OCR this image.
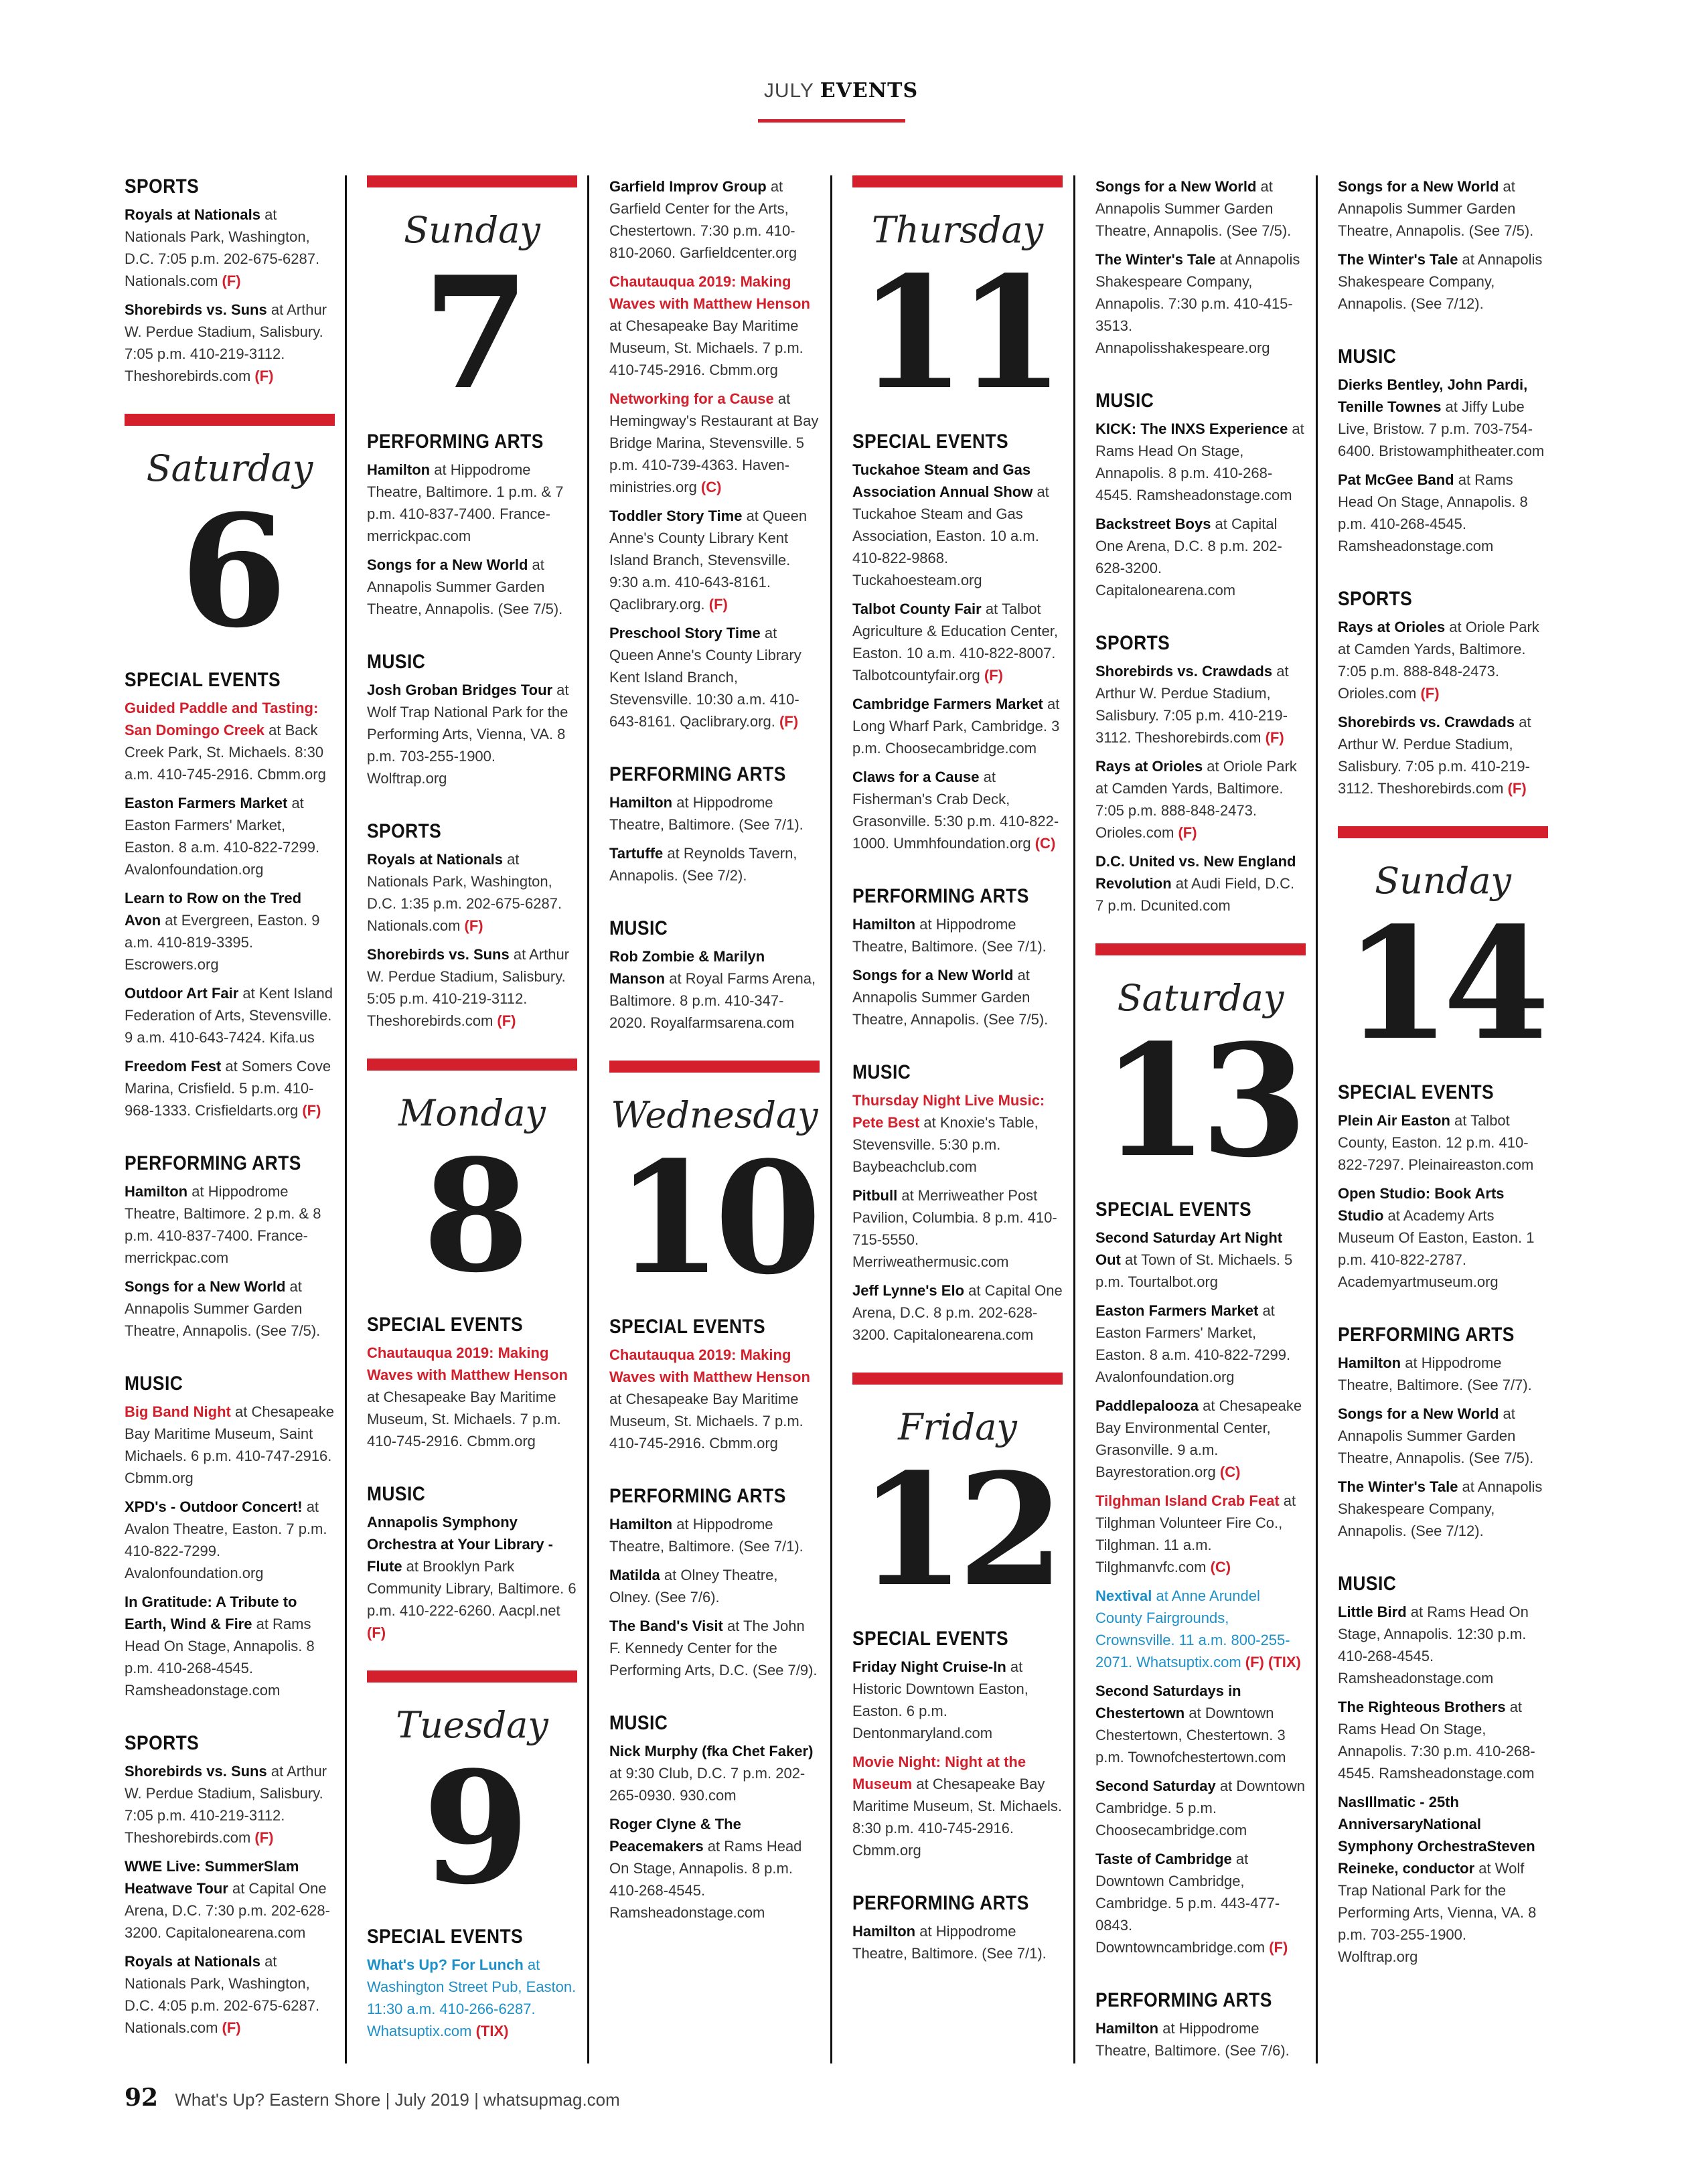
JULY EVENTS
SPORTS

Royals at Nationals at Nationals Park, Washington, D.C. 7:05 p.m. 202-675-6287. Nationals.com (F)

Shorebirds vs. Suns at Arthur W. Perdue Stadium, Salisbury. 7:05 p.m. 410-219-3112. Theshorebirds.com (F)

Saturday
6
SPECIAL EVENTS

Guided Paddle and Tasting: San Domingo Creek at Back Creek Park, St. Michaels. 8:30 a.m. 410-745-2916. Cbmm.org

Easton Farmers Market at Easton Farmers' Market, Easton. 8 a.m. 410-822-7299. Avalonfoundation.org

Learn to Row on the Tred Avon at Evergreen, Easton. 9 a.m. 410-819-3395. Escrowers.org

Outdoor Art Fair at Kent Island Federation of Arts, Stevensville. 9 a.m. 410-643-7424. Kifa.us

Freedom Fest at Somers Cove Marina, Crisfield. 5 p.m. 410-968-1333. Crisfieldarts.org (F)

PERFORMING ARTS

Hamilton at Hippodrome Theatre, Baltimore. 2 p.m. & 8 p.m. 410-837-7400. France-merrickpac.com

Songs for a New World at Annapolis Summer Garden Theatre, Annapolis. (See 7/5).

MUSIC

Big Band Night at Chesapeake Bay Maritime Museum, Saint Michaels. 6 p.m. 410-747-2916. Cbmm.org

XPD's - Outdoor Concert! at Avalon Theatre, Easton. 7 p.m. 410-822-7299. Avalonfoundation.org

In Gratitude: A Tribute to Earth, Wind & Fire at Rams Head On Stage, Annapolis. 8 p.m. 410-268-4545. Ramsheadonstage.com

SPORTS

Shorebirds vs. Suns at Arthur W. Perdue Stadium, Salisbury. 7:05 p.m. 410-219-3112. Theshorebirds.com (F)

WWE Live: SummerSlam Heatwave Tour at Capital One Arena, D.C. 7:30 p.m. 202-628-3200. Capitalonearena.com

Royals at Nationals at Nationals Park, Washington, D.C. 4:05 p.m. 202-675-6287. Nationals.com (F)

Sunday
7
PERFORMING ARTS

Hamilton at Hippodrome Theatre, Baltimore. 1 p.m. & 7 p.m. 410-837-7400. France-merrickpac.com

Songs for a New World at Annapolis Summer Garden Theatre, Annapolis. (See 7/5).

MUSIC

Josh Groban Bridges Tour at Wolf Trap National Park for the Performing Arts, Vienna, VA. 8 p.m. 703-255-1900. Wolftrap.org

SPORTS

Royals at Nationals at Nationals Park, Washington, D.C. 1:35 p.m. 202-675-6287. Nationals.com (F)

Shorebirds vs. Suns at Arthur W. Perdue Stadium, Salisbury. 5:05 p.m. 410-219-3112. Theshorebirds.com (F)

Monday
8
SPECIAL EVENTS

Chautauqua 2019: Making Waves with Matthew Henson at Chesapeake Bay Maritime Museum, St. Michaels. 7 p.m. 410-745-2916. Cbmm.org

MUSIC

Annapolis Symphony Orchestra at Your Library - Flute at Brooklyn Park Community Library, Baltimore. 6 p.m. 410-222-6260. Aacpl.net (F)

Tuesday
9
SPECIAL EVENTS

What's Up? For Lunch at Washington Street Pub, Easton. 11:30 a.m. 410-266-6287. Whatsuptix.com (TIX)

Garfield Improv Group at Garfield Center for the Arts, Chestertown. 7:30 p.m. 410-810-2060. Garfieldcenter.org

Chautauqua 2019: Making Waves with Matthew Henson at Chesapeake Bay Maritime Museum, St. Michaels. 7 p.m. 410-745-2916. Cbmm.org

Networking for a Cause at Hemingway's Restaurant at Bay Bridge Marina, Stevensville. 5 p.m. 410-739-4363. Haven-ministries.org (C)

Toddler Story Time at Queen Anne's County Library Kent Island Branch, Stevensville. 9:30 a.m. 410-643-8161. Qaclibrary.org. (F)

Preschool Story Time at Queen Anne's County Library Kent Island Branch, Stevensville. 10:30 a.m. 410-643-8161. Qaclibrary.org. (F)

PERFORMING ARTS

Hamilton at Hippodrome Theatre, Baltimore. (See 7/1).

Tartuffe at Reynolds Tavern, Annapolis. (See 7/2).

MUSIC

Rob Zombie & Marilyn Manson at Royal Farms Arena, Baltimore. 8 p.m. 410-347-2020. Royalfarmsarena.com

Wednesday
10
SPECIAL EVENTS

Chautauqua 2019: Making Waves with Matthew Henson at Chesapeake Bay Maritime Museum, St. Michaels. 7 p.m. 410-745-2916. Cbmm.org

PERFORMING ARTS

Hamilton at Hippodrome Theatre, Baltimore. (See 7/1).

Matilda at Olney Theatre, Olney. (See 7/6).

The Band's Visit at The John F. Kennedy Center for the Performing Arts, D.C. (See 7/9).

MUSIC

Nick Murphy (fka Chet Faker) at 9:30 Club, D.C. 7 p.m. 202-265-0930. 930.com

Roger Clyne & The Peacemakers at Rams Head On Stage, Annapolis. 8 p.m. 410-268-4545. Ramsheadonstage.com

Thursday
11
SPECIAL EVENTS

Tuckahoe Steam and Gas Association Annual Show at Tuckahoe Steam and Gas Association, Easton. 10 a.m. 410-822-9868. Tuckahoesteam.org

Talbot County Fair at Talbot Agriculture & Education Center, Easton. 10 a.m. 410-822-8007. Talbotcountyfair.org (F)

Cambridge Farmers Market at Long Wharf Park, Cambridge. 3 p.m. Choosecambridge.com

Claws for a Cause at Fisherman's Crab Deck, Grasonville. 5:30 p.m. 410-822-1000. Ummhfoundation.org (C)

PERFORMING ARTS

Hamilton at Hippodrome Theatre, Baltimore. (See 7/1).

Songs for a New World at Annapolis Summer Garden Theatre, Annapolis. (See 7/5).

MUSIC

Thursday Night Live Music: Pete Best at Knoxie's Table, Stevensville. 5:30 p.m. Baybeachclub.com

Pitbull at Merriweather Post Pavilion, Columbia. 8 p.m. 410-715-5550. Merriweathermusic.com

Jeff Lynne's Elo at Capital One Arena, D.C. 8 p.m. 202-628-3200. Capitalonearena.com

Friday
12
SPECIAL EVENTS

Friday Night Cruise-In at Historic Downtown Easton, Easton. 6 p.m. Dentonmaryland.com

Movie Night: Night at the Museum at Chesapeake Bay Maritime Museum, St. Michaels. 8:30 p.m. 410-745-2916. Cbmm.org

PERFORMING ARTS

Hamilton at Hippodrome Theatre, Baltimore. (See 7/1).

Songs for a New World at Annapolis Summer Garden Theatre, Annapolis. (See 7/5).

The Winter's Tale at Annapolis Shakespeare Company, Annapolis. 7:30 p.m. 410-415-3513. Annapolisshakespeare.org

MUSIC

KICK: The INXS Experience at Rams Head On Stage, Annapolis. 8 p.m. 410-268-4545. Ramsheadonstage.com

Backstreet Boys at Capital One Arena, D.C. 8 p.m. 202-628-3200. Capitalonearena.com

SPORTS

Shorebirds vs. Crawdads at Arthur W. Perdue Stadium, Salisbury. 7:05 p.m. 410-219-3112. Theshorebirds.com (F)

Rays at Orioles at Oriole Park at Camden Yards, Baltimore. 7:05 p.m. 888-848-2473. Orioles.com (F)

D.C. United vs. New England Revolution at Audi Field, D.C. 7 p.m. Dcunited.com

Saturday
13
SPECIAL EVENTS

Second Saturday Art Night Out at Town of St. Michaels. 5 p.m. Tourtalbot.org

Easton Farmers Market at Easton Farmers' Market, Easton. 8 a.m. 410-822-7299. Avalonfoundation.org

Paddlepalooza at Chesapeake Bay Environmental Center, Grasonville. 9 a.m. Bayrestoration.org (C)

Tilghman Island Crab Feat at Tilghman Volunteer Fire Co., Tilghman. 11 a.m. Tilghmanvfc.com (C)

Nextival at Anne Arundel County Fairgrounds, Crownsville. 11 a.m. 800-255-2071. Whatsuptix.com (F) (TIX)

Second Saturdays in Chestertown at Downtown Chestertown, Chestertown. 3 p.m. Townofchestertown.com

Second Saturday at Downtown Cambridge. 5 p.m. Choosecambridge.com

Taste of Cambridge at Downtown Cambridge, Cambridge. 5 p.m. 443-477-0843. Downtowncambridge.com (F)

PERFORMING ARTS

Hamilton at Hippodrome Theatre, Baltimore. (See 7/6).

Songs for a New World at Annapolis Summer Garden Theatre, Annapolis. (See 7/5).

The Winter's Tale at Annapolis Shakespeare Company, Annapolis. (See 7/12).

MUSIC

Dierks Bentley, John Pardi, Tenille Townes at Jiffy Lube Live, Bristow. 7 p.m. 703-754-6400. Bristowamphitheater.com

Pat McGee Band at Rams Head On Stage, Annapolis. 8 p.m. 410-268-4545. Ramsheadonstage.com

SPORTS

Rays at Orioles at Oriole Park at Camden Yards, Baltimore. 7:05 p.m. 888-848-2473. Orioles.com (F)

Shorebirds vs. Crawdads at Arthur W. Perdue Stadium, Salisbury. 7:05 p.m. 410-219-3112. Theshorebirds.com (F)

Sunday
14
SPECIAL EVENTS

Plein Air Easton at Talbot County, Easton. 12 p.m. 410-822-7297. Pleinaireaston.com

Open Studio: Book Arts Studio at Academy Arts Museum Of Easton, Easton. 1 p.m. 410-822-2787. Academyartmuseum.org

PERFORMING ARTS

Hamilton at Hippodrome Theatre, Baltimore. (See 7/7).

Songs for a New World at Annapolis Summer Garden Theatre, Annapolis. (See 7/5).

The Winter's Tale at Annapolis Shakespeare Company, Annapolis. (See 7/12).

MUSIC

Little Bird at Rams Head On Stage, Annapolis. 12:30 p.m. 410-268-4545. Ramsheadonstage.com

The Righteous Brothers at Rams Head On Stage, Annapolis. 7:30 p.m. 410-268-4545. Ramsheadonstage.com

NasIllmatic - 25th AnniversaryNational Symphony OrchestraSteven Reineke, conductor at Wolf Trap National Park for the Performing Arts, Vienna, VA. 8 p.m. 703-255-1900. Wolftrap.org

92 What's Up? Eastern Shore | July 2019 | whatsupmag.com
